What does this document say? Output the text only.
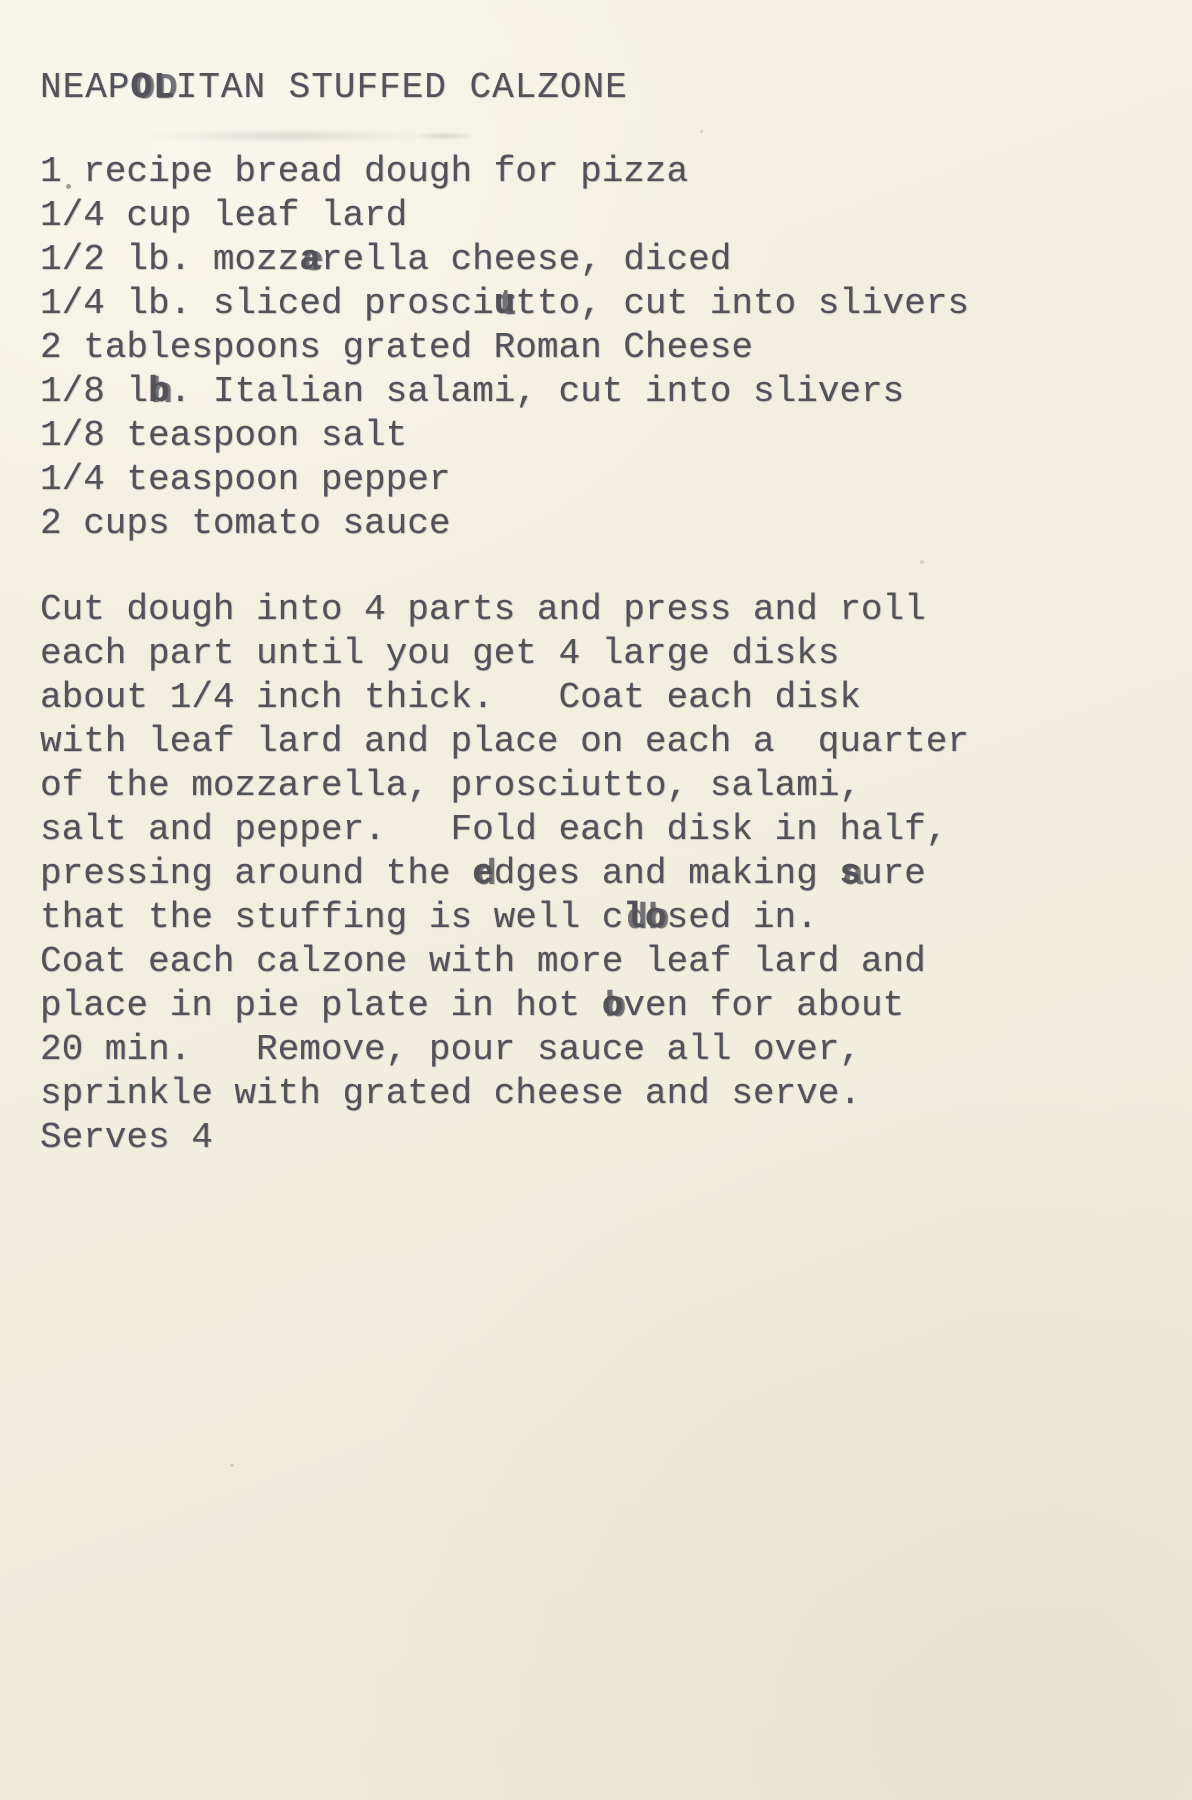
NEAPOL ODITAN STUFFED CALZONE
1 recipe bread dough for pizza
1/4 cup leaf lard
1/2 lb. mozza erella cheese, diced
1/4 lb. sliced prosciu ttto, cut into slivers
2 tablespoons grated Roman Cheese
1/8 lb h. Italian salami, cut into slivers
1/8 teaspoon salt
1/4 teaspoon pepper
2 cups tomato sauce
Cut dough into 4 parts and press and roll
each part until you get 4 large disks
about 1/4 inch thick.   Coat each disk
with leaf lard and place on each a  quarter
of the mozzarella, prosciutto, salami,
salt and pepper.   Fold each disk in half,
pressing around the e ddges and making s aure
that the stuffing is well clo dbsed in.
Coat each calzone with more leaf lard and
place in pie plate in hot o bven for about
20 min.   Remove, pour sauce all over,
sprinkle with grated cheese and serve.
Serves 4
